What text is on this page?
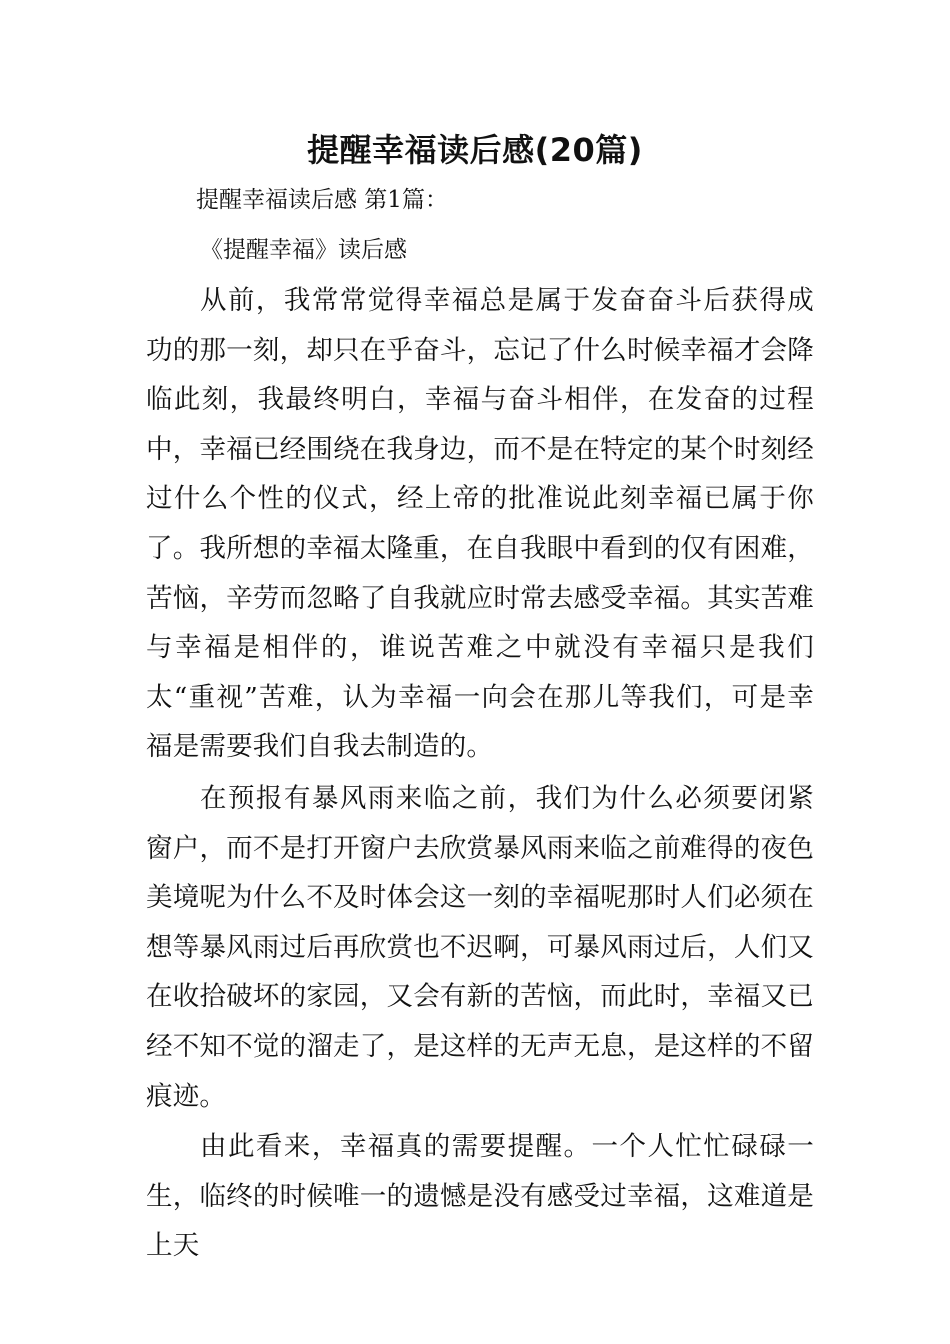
提醒幸福读后感(20篇)

提醒幸福读后感 第1篇：

《提醒幸福》读后感

从前，我常常觉得幸福总是属于发奋奋斗后获得成功的那一刻，却只在乎奋斗，忘记了什么时候幸福才会降临此刻，我最终明白，幸福与奋斗相伴，在发奋的过程中，幸福已经围绕在我身边，而不是在特定的某个时刻经过什么个性的仪式，经上帝的批准说此刻幸福已属于你了。我所想的幸福太隆重，在自我眼中看到的仅有困难，苦恼，辛劳而忽略了自我就应时常去感受幸福。其实苦难与幸福是相伴的，谁说苦难之中就没有幸福只是我们太“重视”苦难，认为幸福一向会在那儿等我们，可是幸福是需要我们自我去制造的。

在预报有暴风雨来临之前，我们为什么必须要闭紧窗户，而不是打开窗户去欣赏暴风雨来临之前难得的夜色美境呢为什么不及时体会这一刻的幸福呢那时人们必须在想等暴风雨过后再欣赏也不迟啊，可暴风雨过后，人们又在收拾破坏的家园，又会有新的苦恼，而此时，幸福又已经不知不觉的溜走了，是这样的无声无息，是这样的不留痕迹。

由此看来，幸福真的需要提醒。一个人忙忙碌碌一生，临终的时候唯一的遗憾是没有感受过幸福，这难道是上天
